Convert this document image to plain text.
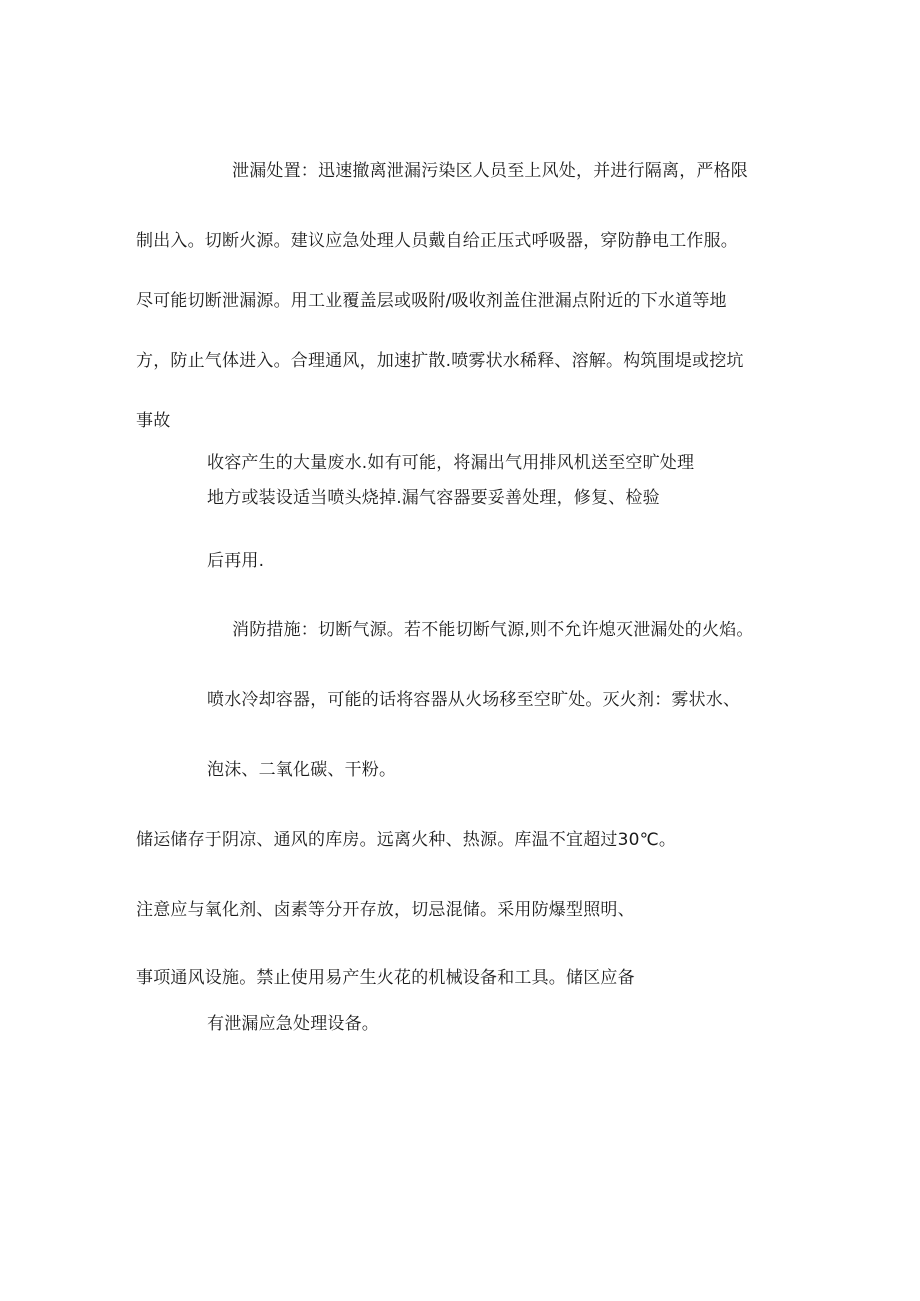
泄漏处置：迅速撤离泄漏污染区人员至上风处，并进行隔离，严格限
制出入。切断火源。建议应急处理人员戴自给正压式呼吸器，穿防静电工作服。
尽可能切断泄漏源。用工业覆盖层或吸附/吸收剂盖住泄漏点附近的下水道等地
方，防止气体进入。合理通风，加速扩散.喷雾状水稀释、溶解。构筑围堤或挖坑
事故
收容产生的大量废水.如有可能，将漏出气用排风机送至空旷处理
地方或装设适当喷头烧掉.漏气容器要妥善处理，修复、检验
后再用.
消防措施：切断气源。若不能切断气源,则不允许熄灭泄漏处的火焰。
喷水冷却容器，可能的话将容器从火场移至空旷处。灭火剂：雾状水、
泡沫、二氧化碳、干粉。
储运储存于阴凉、通风的库房。远离火种、热源。库温不宜超过30℃。
注意应与氧化剂、卤素等分开存放，切忌混储。采用防爆型照明、
事项通风设施。禁止使用易产生火花的机械设备和工具。储区应备
有泄漏应急处理设备。
